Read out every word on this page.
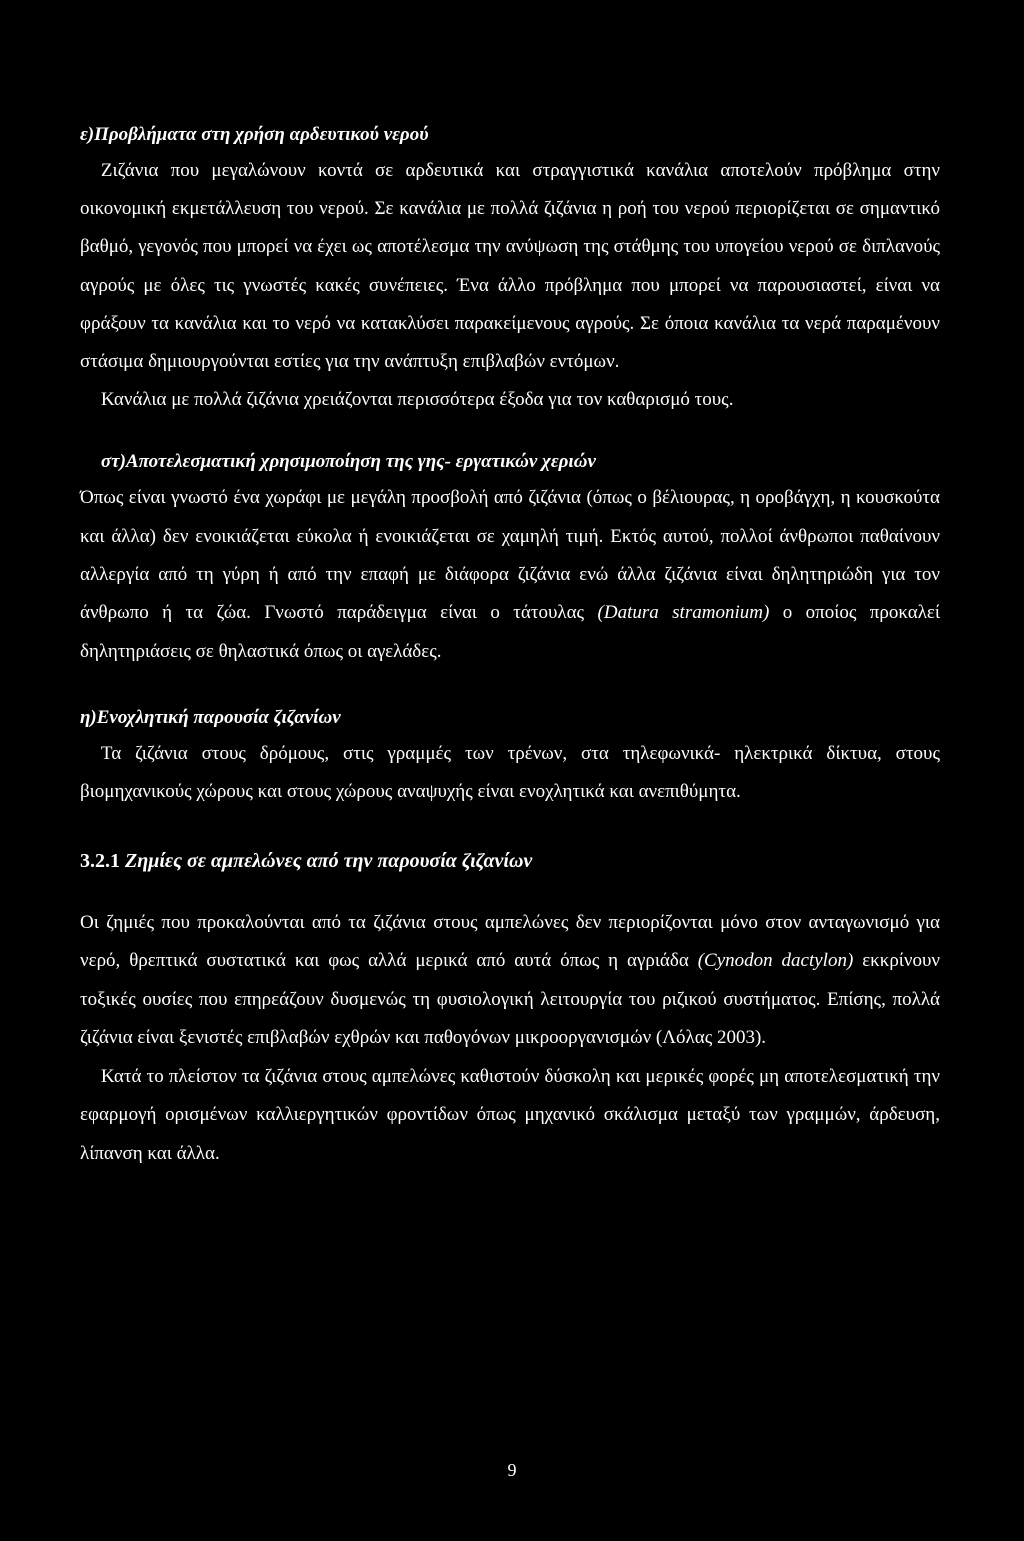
ε)Προβλήματα στη χρήση αρδευτικού νερού

Ζιζάνια που μεγαλώνουν κοντά σε αρδευτικά και στραγγιστικά κανάλια αποτελούν πρόβλημα στην οικονομική εκμετάλλευση του νερού. Σε κανάλια με πολλά ζιζάνια η ροή του νερού περιορίζεται σε σημαντικό βαθμό, γεγονός που μπορεί να έχει ως αποτέλεσμα την ανύψωση της στάθμης του υπογείου νερού σε διπλανούς αγρούς με όλες τις γνωστές κακές συνέπειες. Ένα άλλο πρόβλημα που μπορεί να παρουσιαστεί, είναι να φράξουν τα κανάλια και το νερό να κατακλύσει παρακείμενους αγρούς. Σε όποια κανάλια τα νερά παραμένουν στάσιμα δημιουργούνται εστίες για την ανάπτυξη επιβλαβών εντόμων.

Κανάλια με πολλά ζιζάνια χρειάζονται περισσότερα έξοδα για τον καθαρισμό τους.

στ)Αποτελεσματική χρησιμοποίηση της γης- εργατικών χεριών

Όπως είναι γνωστό ένα χωράφι με μεγάλη προσβολή από ζιζάνια (όπως ο βέλιουρας, η οροβάγχη, η κουσκούτα και άλλα) δεν ενοικιάζεται εύκολα ή ενοικιάζεται σε χαμηλή τιμή. Εκτός αυτού, πολλοί άνθρωποι παθαίνουν αλλεργία από τη γύρη ή από την επαφή με διάφορα ζιζάνια ενώ άλλα ζιζάνια είναι δηλητηριώδη για τον άνθρωπο ή τα ζώα. Γνωστό παράδειγμα είναι ο τάτουλας (Datura stramonium) ο οποίος προκαλεί δηλητηριάσεις σε θηλαστικά όπως οι αγελάδες.

η)Ενοχλητική παρουσία ζιζανίων

Τα ζιζάνια στους δρόμους, στις γραμμές των τρένων, στα τηλεφωνικά- ηλεκτρικά δίκτυα, στους βιομηχανικούς χώρους και στους χώρους αναψυχής είναι ενοχλητικά και ανεπιθύμητα.

3.2.1 Ζημίες σε αμπελώνες από την παρουσία ζιζανίων

Οι ζημιές που προκαλούνται από τα ζιζάνια στους αμπελώνες δεν περιορίζονται μόνο στον ανταγωνισμό για νερό, θρεπτικά συστατικά και φως αλλά μερικά από αυτά όπως η αγριάδα (Cynodon dactylon) εκκρίνουν τοξικές ουσίες που επηρεάζουν δυσμενώς τη φυσιολογική λειτουργία του ριζικού συστήματος. Επίσης, πολλά ζιζάνια είναι ξενιστές επιβλαβών εχθρών και παθογόνων μικροοργανισμών (Λόλας 2003).

Κατά το πλείστον τα ζιζάνια στους αμπελώνες καθιστούν δύσκολη και μερικές φορές μη αποτελεσματική την εφαρμογή ορισμένων καλλιεργητικών φροντίδων όπως μηχανικό σκάλισμα μεταξύ των γραμμών, άρδευση, λίπανση και άλλα.

9
